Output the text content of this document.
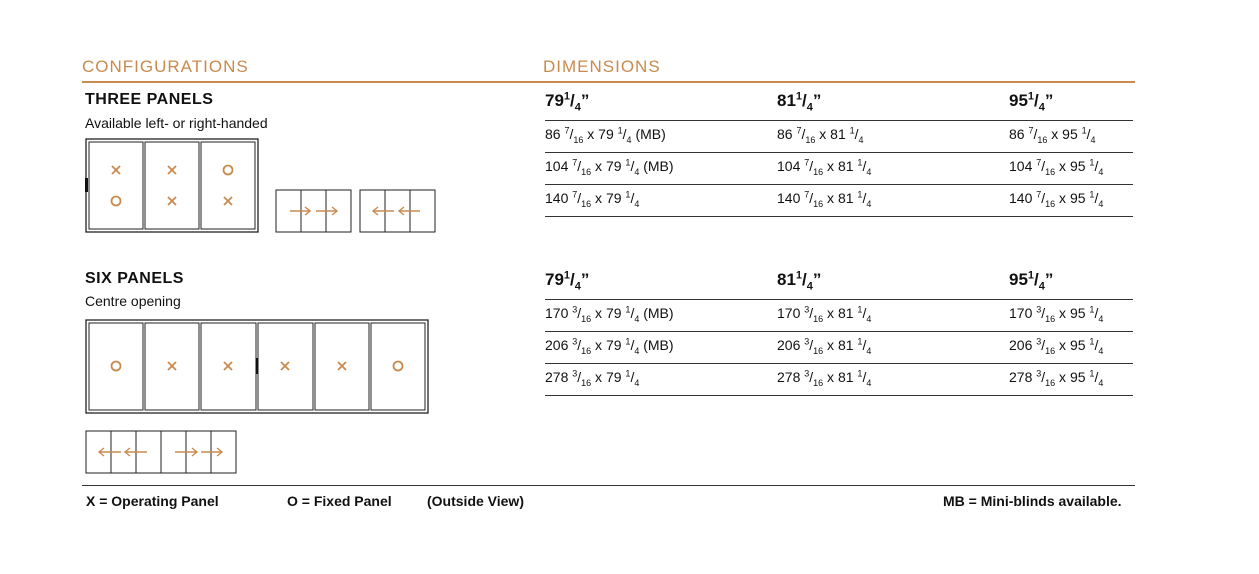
CONFIGURATIONS	DIMENSIONS
THREE PANELS
Available left- or right-handed
SIX PANELS
Centre opening
$79^1/_4$”	$81^1/_4$”	$95^1/_4$”
86 $^7/_{16}$ x 79 $^1/_4$ (MB)	86 $^7/_{16}$ x 81 $^1/_4$	86 $^7/_{16}$ x 95 $^1/_4$
104 $^7/_{16}$ x 79 $^1/_4$ (MB)	104 $^7/_{16}$ x 81 $^1/_4$	104 $^7/_{16}$ x 95 $^1/_4$
140 $^7/_{16}$ x 79 $^1/_4$	140 $^7/_{16}$ x 81 $^1/_4$	140 $^7/_{16}$ x 95 $^1/_4$
$79^1/_4$”	$81^1/_4$”	$95^1/_4$”
170 $^3/_{16}$ x 79 $^1/_4$ (MB)	170 $^3/_{16}$ x 81 $^1/_4$	170 $^3/_{16}$ x 95 $^1/_4$
206 $^3/_{16}$ x 79 $^1/_4$ (MB)	206 $^3/_{16}$ x 81 $^1/_4$	206 $^3/_{16}$ x 95 $^1/_4$
278 $^3/_{16}$ x 79 $^1/_4$	278 $^3/_{16}$ x 81 $^1/_4$	278 $^3/_{16}$ x 95 $^1/_4$
X = Operating Panel	O = Fixed Panel	(Outside View)	MB = Mini-blinds available.
